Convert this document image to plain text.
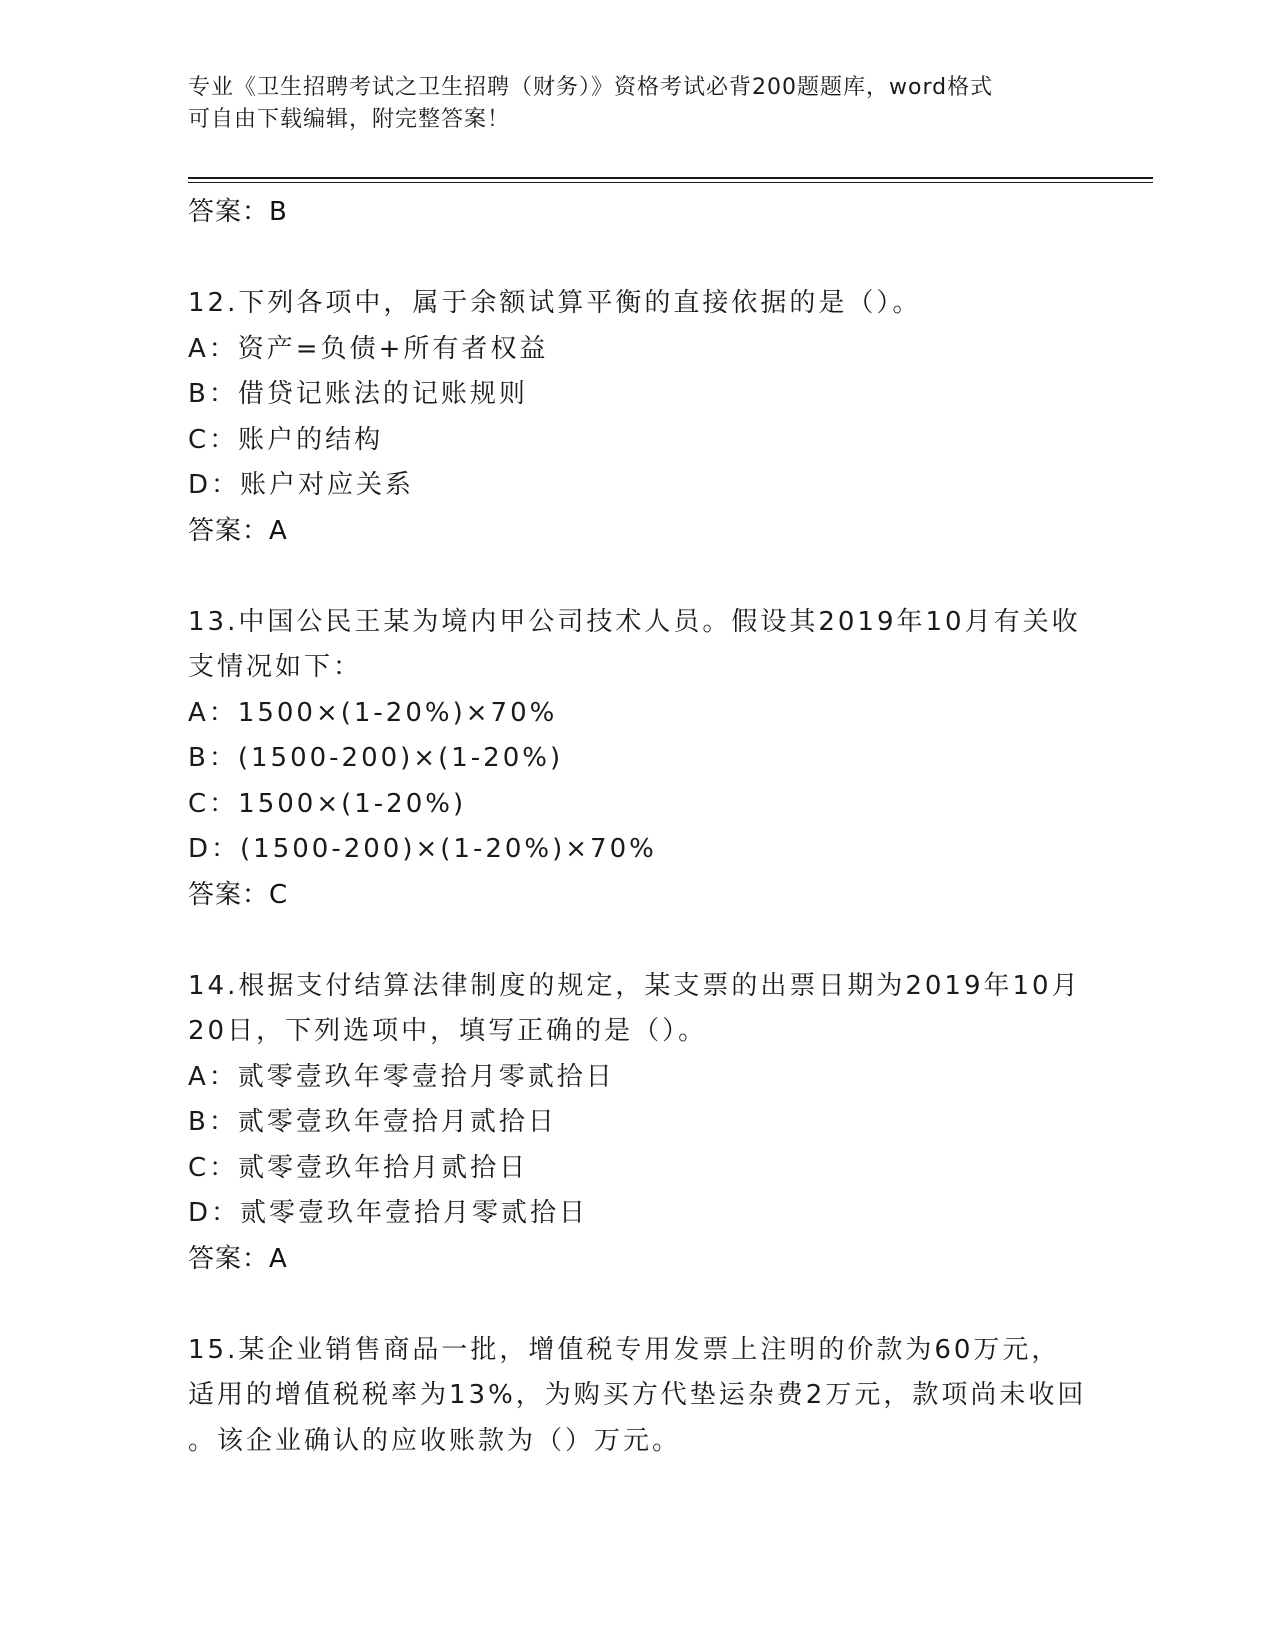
专业《卫生招聘考试之卫生招聘（财务）》资格考试必背200题题库，word格式
可自由下载编辑，附完整答案！
答案：B
12.下列各项中，属于余额试算平衡的直接依据的是（）。
A：资产=负债+所有者权益
B：借贷记账法的记账规则
C：账户的结构
D：账户对应关系
答案：A
13.中国公民王某为境内甲公司技术人员。假设其2019年10月有关收
支情况如下：
A：1500×(1-20%)×70%
B：(1500-200)×(1-20%)
C：1500×(1-20%)
D：(1500-200)×(1-20%)×70%
答案：C
14.根据支付结算法律制度的规定，某支票的出票日期为2019年10月
20日，下列选项中，填写正确的是（）。
A：贰零壹玖年零壹拾月零贰拾日
B：贰零壹玖年壹拾月贰拾日
C：贰零壹玖年拾月贰拾日
D：贰零壹玖年壹拾月零贰拾日
答案：A
15.某企业销售商品一批，增值税专用发票上注明的价款为60万元，
适用的增值税税率为13%，为购买方代垫运杂费2万元，款项尚未收回
。该企业确认的应收账款为（）万元。
